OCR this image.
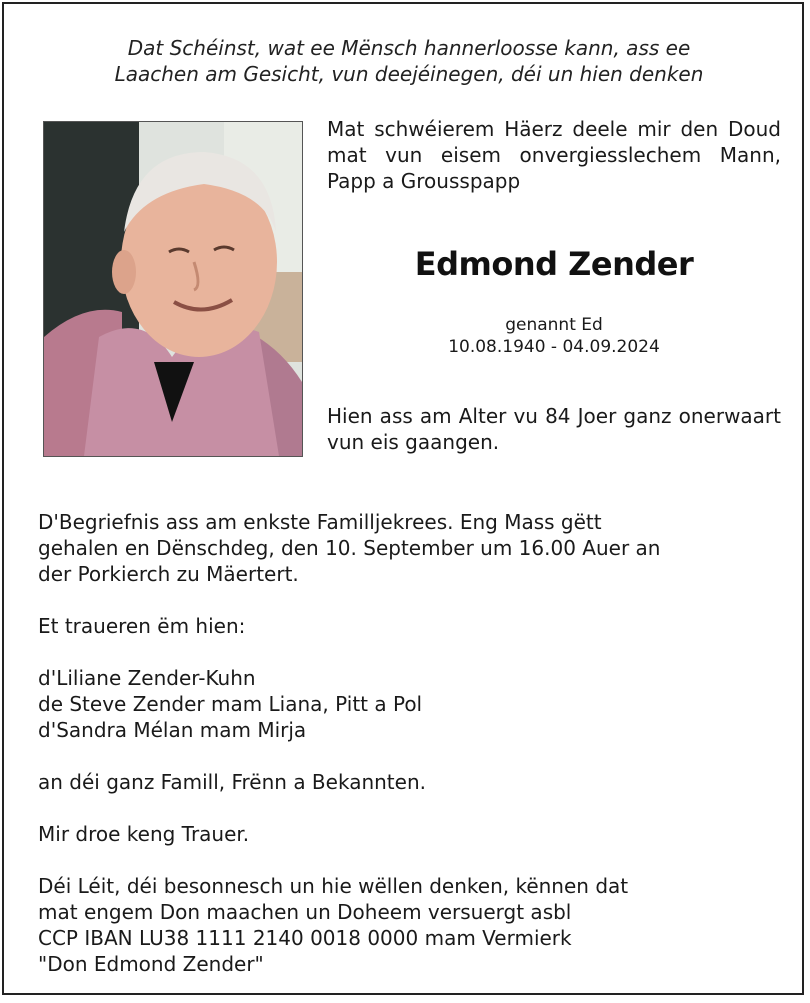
Dat Schéinst, wat ee Mënsch hannerloosse kann, ass ee
Laachen am Gesicht, vun deejéinegen, déi un hien denken
Mat schwéierem Häerz deele mir den Doud mat vun eisem onvergiesslechem Mann, Papp a Grousspapp
Edmond Zender
genannt Ed
10.08.1940 - 04.09.2024
Hien ass am Alter vu 84 Joer ganz onerwaart vun eis gaangen.

D'Begriefnis ass am enkste Familljekrees. Eng Mass gëtt
gehalen en Dënschdeg, den 10. September um 16.00 Auer an
der Porkierch zu Mäertert.

Et traueren ëm hien:

d'Liliane Zender-Kuhn
de Steve Zender mam Liana, Pitt a Pol
d'Sandra Mélan mam Mirja

an déi ganz Famill, Frënn a Bekannten.

Mir droe keng Trauer.

Déi Léit, déi besonnesch un hie wëllen denken, kënnen dat
mat engem Don maachen un Doheem versuergt asbl
CCP IBAN LU38 1111 2140 0018 0000 mam Vermierk
"Don Edmond Zender"
